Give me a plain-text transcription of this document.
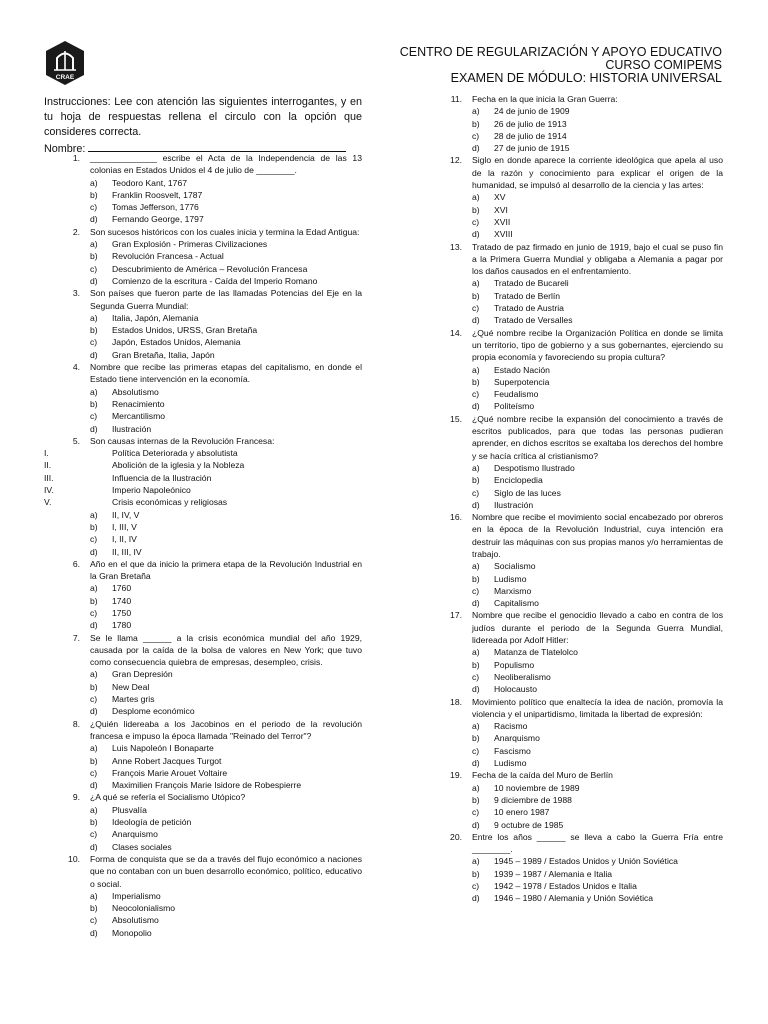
CRAE
CENTRO DE REGULARIZACIÓN Y APOYO EDUCATIVO
CURSO COMIPEMS
EXAMEN DE MÓDULO: HISTORIA UNIVERSAL
Instrucciones: Lee con atención las siguientes interrogantes, y en tu hoja de respuestas rellena el circulo con la opción que consideres correcta.
Nombre:
1. ______________ escribe el Acta de la Independencia de las 13 colonias en Estados Unidos el 4 de julio de ________.
a) Teodoro Kant, 1767
b) Franklin Roosvelt, 1787
c) Tomas Jefferson, 1776
d) Fernando George, 1797
2. Son sucesos históricos con los cuales inicia y termina la Edad Antigua:
a) Gran Explosión - Primeras Civilizaciones
b) Revolución Francesa - Actual
c) Descubrimiento de América – Revolución Francesa
d) Comienzo de la escritura - Caída del Imperio Romano
3. Son países que fueron parte de las llamadas Potencias del Eje en la Segunda Guerra Mundial:
a) Italia, Japón, Alemania
b) Estados Unidos, URSS, Gran Bretaña
c) Japón, Estados Unidos, Alemania
d) Gran Bretaña, Italia, Japón
4. Nombre que recibe las primeras etapas del capitalismo, en donde el Estado tiene intervención en la economía.
a) Absolutismo
b) Renacimiento
c) Mercantilismo
d) Ilustración
5. Son causas internas de la Revolución Francesa:
I.	Política Deteriorada y absolutista
II.	Abolición de la iglesia y la Nobleza
III.	Influencia de la Ilustración
IV.	Imperio Napoleónico
V.	Crisis económicas y religiosas
a) II, IV, V
b) I, III, V
c) I, II, IV
d) II, III, IV
6. Año en el que da inicio la primera etapa de la Revolución Industrial en la Gran Bretaña
a) 1760
b) 1740
c) 1750
d) 1780
7. Se le llama ______ a la crisis económica mundial del año 1929, causada por la caída de la bolsa de valores en New York; que tuvo como consecuencia quiebra de empresas, desempleo, crisis.
a) Gran Depresión
b) New Deal
c) Martes gris
d) Desplome económico
8. ¿Quién lidereaba a los Jacobinos en el periodo de la revolución francesa e impuso la época llamada "Reinado del Terror"?
a) Luis Napoleón I Bonaparte
b) Anne Robert Jacques Turgot
c) François Marie Arouet Voltaire
d) Maximilien François Marie Isidore de Robespierre
9. ¿A qué se refería el Socialismo Utópico?
a) Plusvalía
b) Ideología de petición
c) Anarquismo
d) Clases sociales
10. Forma de conquista que se da a través del flujo económico a naciones que no contaban con un buen desarrollo económico, político, educativo o social.
a) Imperialismo
b) Neocolonialismo
c) Absolutismo
d) Monopolio
11. Fecha en la que inicia la Gran Guerra:
a) 24 de junio de 1909
b) 26 de julio de 1913
c) 28 de julio de 1914
d) 27 de junio de 1915
12. Siglo en donde aparece la corriente ideológica que apela al uso de la razón y conocimiento para explicar el origen de la humanidad, se impulsó al desarrollo de la ciencia y las artes:
a) XV
b) XVI
c) XVII
d) XVIII
13. Tratado de paz firmado en junio de 1919, bajo el cual se puso fin a la Primera Guerra Mundial y obligaba a Alemania a pagar por los daños causados en el enfrentamiento.
a) Tratado de Bucareli
b) Tratado de Berlín
c) Tratado de Austria
d) Tratado de Versalles
14. ¿Qué nombre recibe la Organización Política en donde se limita un territorio, tipo de gobierno y a sus gobernantes, ejerciendo su propia economía y favoreciendo su propia cultura?
a) Estado Nación
b) Superpotencia
c) Feudalismo
d) Politeísmo
15. ¿Qué nombre recibe la expansión del conocimiento a través de escritos publicados, para que todas las personas pudieran aprender, en dichos escritos se exaltaba los derechos del hombre y se hacía crítica al cristianismo?
a) Despotismo Ilustrado
b) Enciclopedia
c) Siglo de las luces
d) Ilustración
16. Nombre que recibe el movimiento social encabezado por obreros en la época de la Revolución Industrial, cuya intención era destruir las máquinas con sus propias manos y/o herramientas de trabajo.
a) Socialismo
b) Ludismo
c) Marxismo
d) Capitalismo
17. Nombre que recibe el genocidio llevado a cabo en contra de los judíos durante el periodo de la Segunda Guerra Mundial, lidereada por Adolf Hitler:
a) Matanza de Tlatelolco
b) Populismo
c) Neoliberalismo
d) Holocausto
18. Movimiento político que enaltecía la idea de nación, promovía la violencia y el unipartidismo, limitada la libertad de expresión:
a) Racismo
b) Anarquismo
c) Fascismo
d) Ludismo
19. Fecha de la caída del Muro de Berlín
a) 10 noviembre de 1989
b) 9 diciembre de 1988
c) 10 enero 1987
d) 9 octubre de 1985
20. Entre los años ______ se lleva a cabo la Guerra Fría entre ________.
a) 1945 – 1989 / Estados Unidos y Unión Soviética
b) 1939 – 1987 / Alemania e Italia
c) 1942 – 1978 / Estados Unidos e Italia
d) 1946 – 1980 / Alemania y Unión Soviética
